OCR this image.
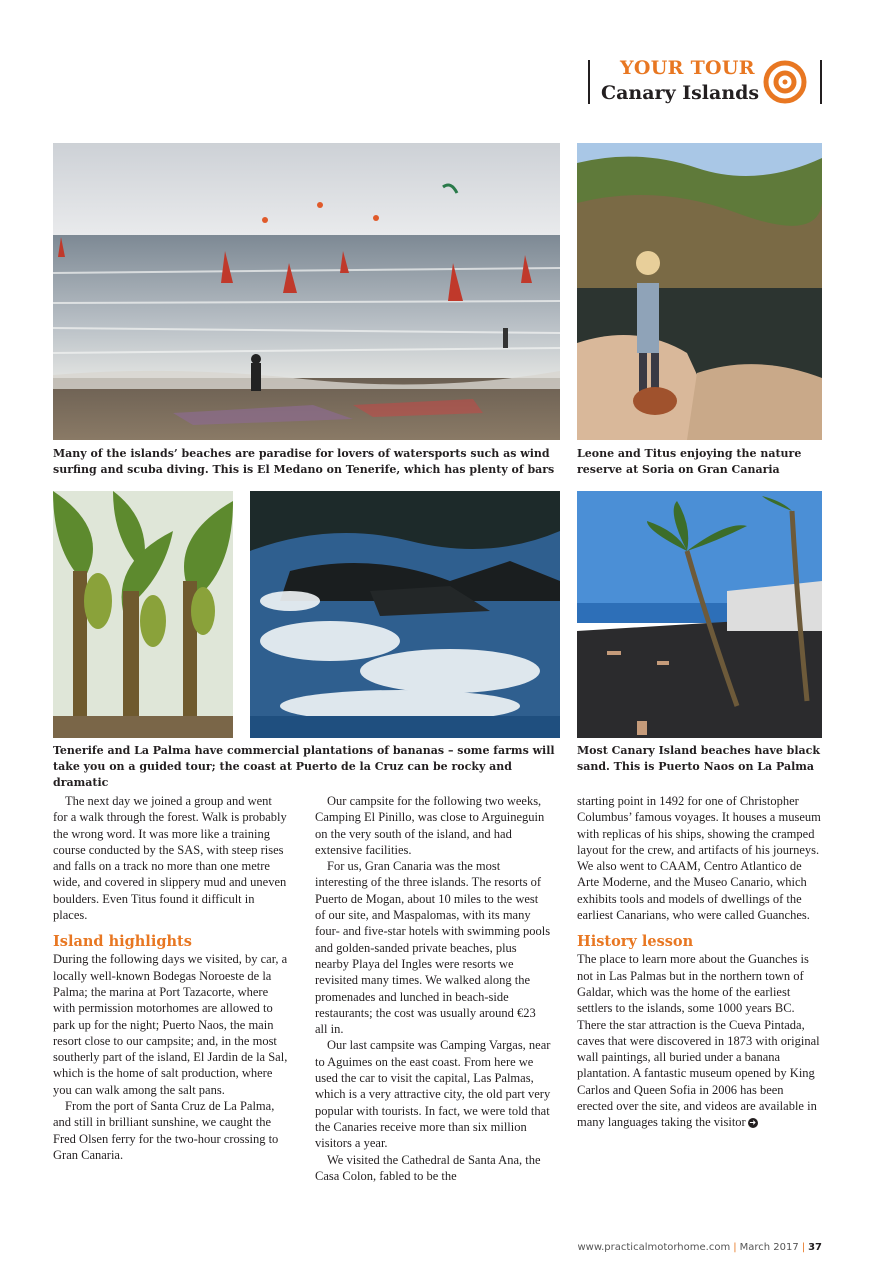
YOUR TOUR
Canary Islands
Many of the islands’ beaches are paradise for lovers of watersports such as wind surfing and scuba diving. This is El Medano on Tenerife, which has plenty of bars
Leone and Titus enjoying the nature reserve at Soria on Gran Canaria
Tenerife and La Palma have commercial plantations of bananas – some farms will take you on a guided tour; the coast at Puerto de la Cruz can be rocky and dramatic
Most Canary Island beaches have black sand. This is Puerto Naos on La Palma

The next day we joined a group and went for a walk through the forest. Walk is probably the wrong word. It was more like a training course conducted by the SAS, with steep rises and falls on a track no more than one metre wide, and covered in slippery mud and uneven boulders. Even Titus found it difficult in places.

Island highlights

During the following days we visited, by car, a locally well-known Bodegas Noroeste de la Palma; the marina at Port Tazacorte, where with permission motorhomes are allowed to park up for the night; Puerto Naos, the main resort close to our campsite; and, in the most southerly part of the island, El Jardin de la Sal, which is the home of salt production, where you can walk among the salt pans.

From the port of Santa Cruz de La Palma, and still in brilliant sunshine, we caught the Fred Olsen ferry for the two-hour crossing to Gran Canaria.

Our campsite for the following two weeks, Camping El Pinillo, was close to Arguineguin on the very south of the island, and had extensive facilities.

For us, Gran Canaria was the most interesting of the three islands. The resorts of Puerto de Mogan, about 10 miles to the west of our site, and Maspalomas, with its many four- and five-star hotels with swimming pools and golden-sanded private beaches, plus nearby Playa del Ingles were resorts we revisited many times. We walked along the promenades and lunched in beach-side restaurants; the cost was usually around €23 all in.

Our last campsite was Camping Vargas, near to Aguimes on the east coast. From here we used the car to visit the capital, Las Palmas, which is a very attractive city, the old part very popular with tourists. In fact, we were told that the Canaries receive more than six million visitors a year.

We visited the Cathedral de Santa Ana, the Casa Colon, fabled to be the

starting point in 1492 for one of Christopher Columbus’ famous voyages. It houses a museum with replicas of his ships, showing the cramped layout for the crew, and artifacts of his journeys. We also went to CAAM, Centro Atlantico de Arte Moderne, and the Museo Canario, which exhibits tools and models of dwellings of the earliest Canarians, who were called Guanches.

History lesson

The place to learn more about the Guanches is not in Las Palmas but in the northern town of Galdar, which was the home of the earliest settlers to the islands, some 1000 years BC. There the star attraction is the Cueva Pintada, caves that were discovered in 1873 with original wall paintings, all buried under a banana plantation. A fantastic museum opened by King Carlos and Queen Sofia in 2006 has been erected over the site, and videos are available in many languages taking the visitor ➜

www.practicalmotorhome.com | March 2017 | 37
